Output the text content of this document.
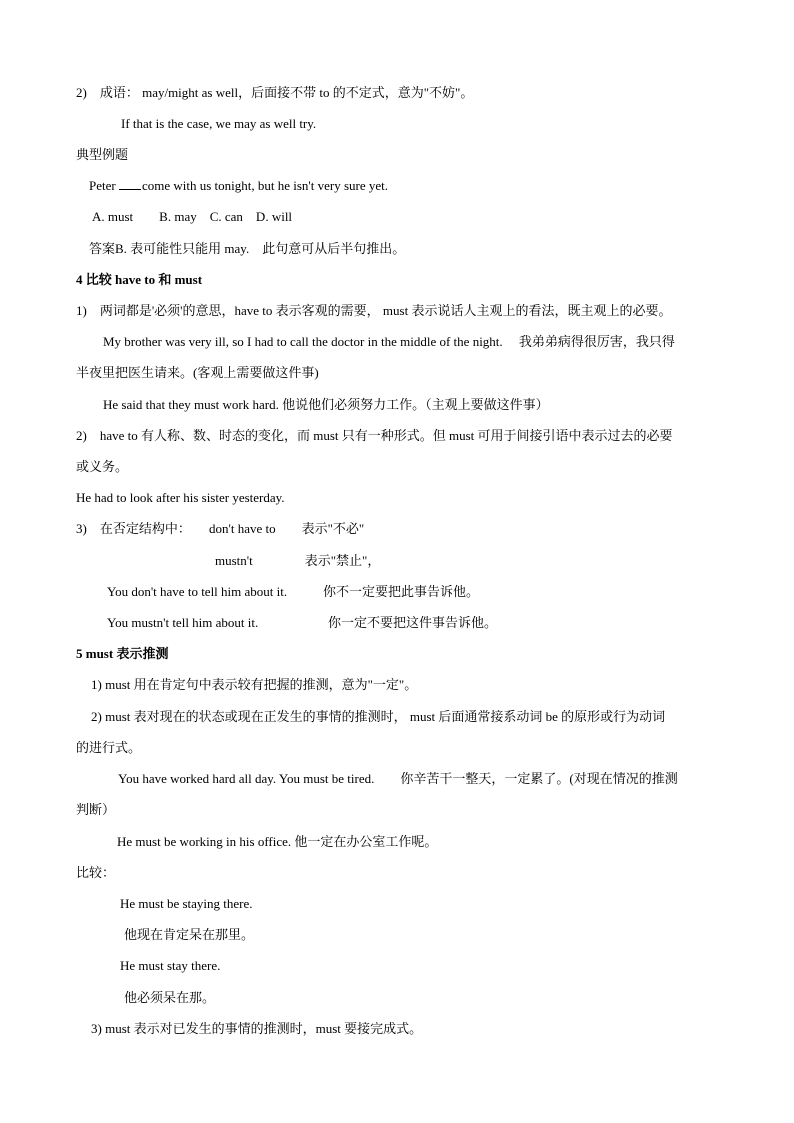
2)　成语： may/might as well，后面接不带 to 的不定式，意为"不妨"。
If that is the case, we may as well try.
典型例题
Peter come with us tonight, but he isn't very sure yet.
A. must　　B. may　C. can　D. will
答案B. 表可能性只能用 may.　此句意可从后半句推出。
4 比较 have to 和 must
1)　两词都是'必须'的意思，have to 表示客观的需要， must 表示说话人主观上的看法，既主观上的必要。
My brother was very ill, so I had to call the doctor in the middle of the night.　 我弟弟病得很厉害，我只得
半夜里把医生请来。(客观上需要做这件事)
He said that they must work hard. 他说他们必须努力工作。（主观上要做这件事）
2)　have to 有人称、数、时态的变化，而 must 只有一种形式。但 must 可用于间接引语中表示过去的必要
或义务。
He had to look after his sister yesterday.
3)　在否定结构中： don't have to　　表示"不必"
mustn't　　　　表示"禁止"，
You don't have to tell him about it.	你不一定要把此事告诉他。
You mustn't tell him about it.	你一定不要把这件事告诉他。
5 must 表示推测
1) must 用在肯定句中表示较有把握的推测，意为"一定"。
2) must 表对现在的状态或现在正发生的事情的推测时， must 后面通常接系动词 be 的原形或行为动词
的进行式。
You have worked hard all day. You must be tired.　　你辛苦干一整天，一定累了。(对现在情况的推测
判断）
He must be working in his office. 他一定在办公室工作呢。
比较：
He must be staying there.
他现在肯定呆在那里。
He must stay there.
他必须呆在那。
3) must 表示对已发生的事情的推测时，must 要接完成式。
